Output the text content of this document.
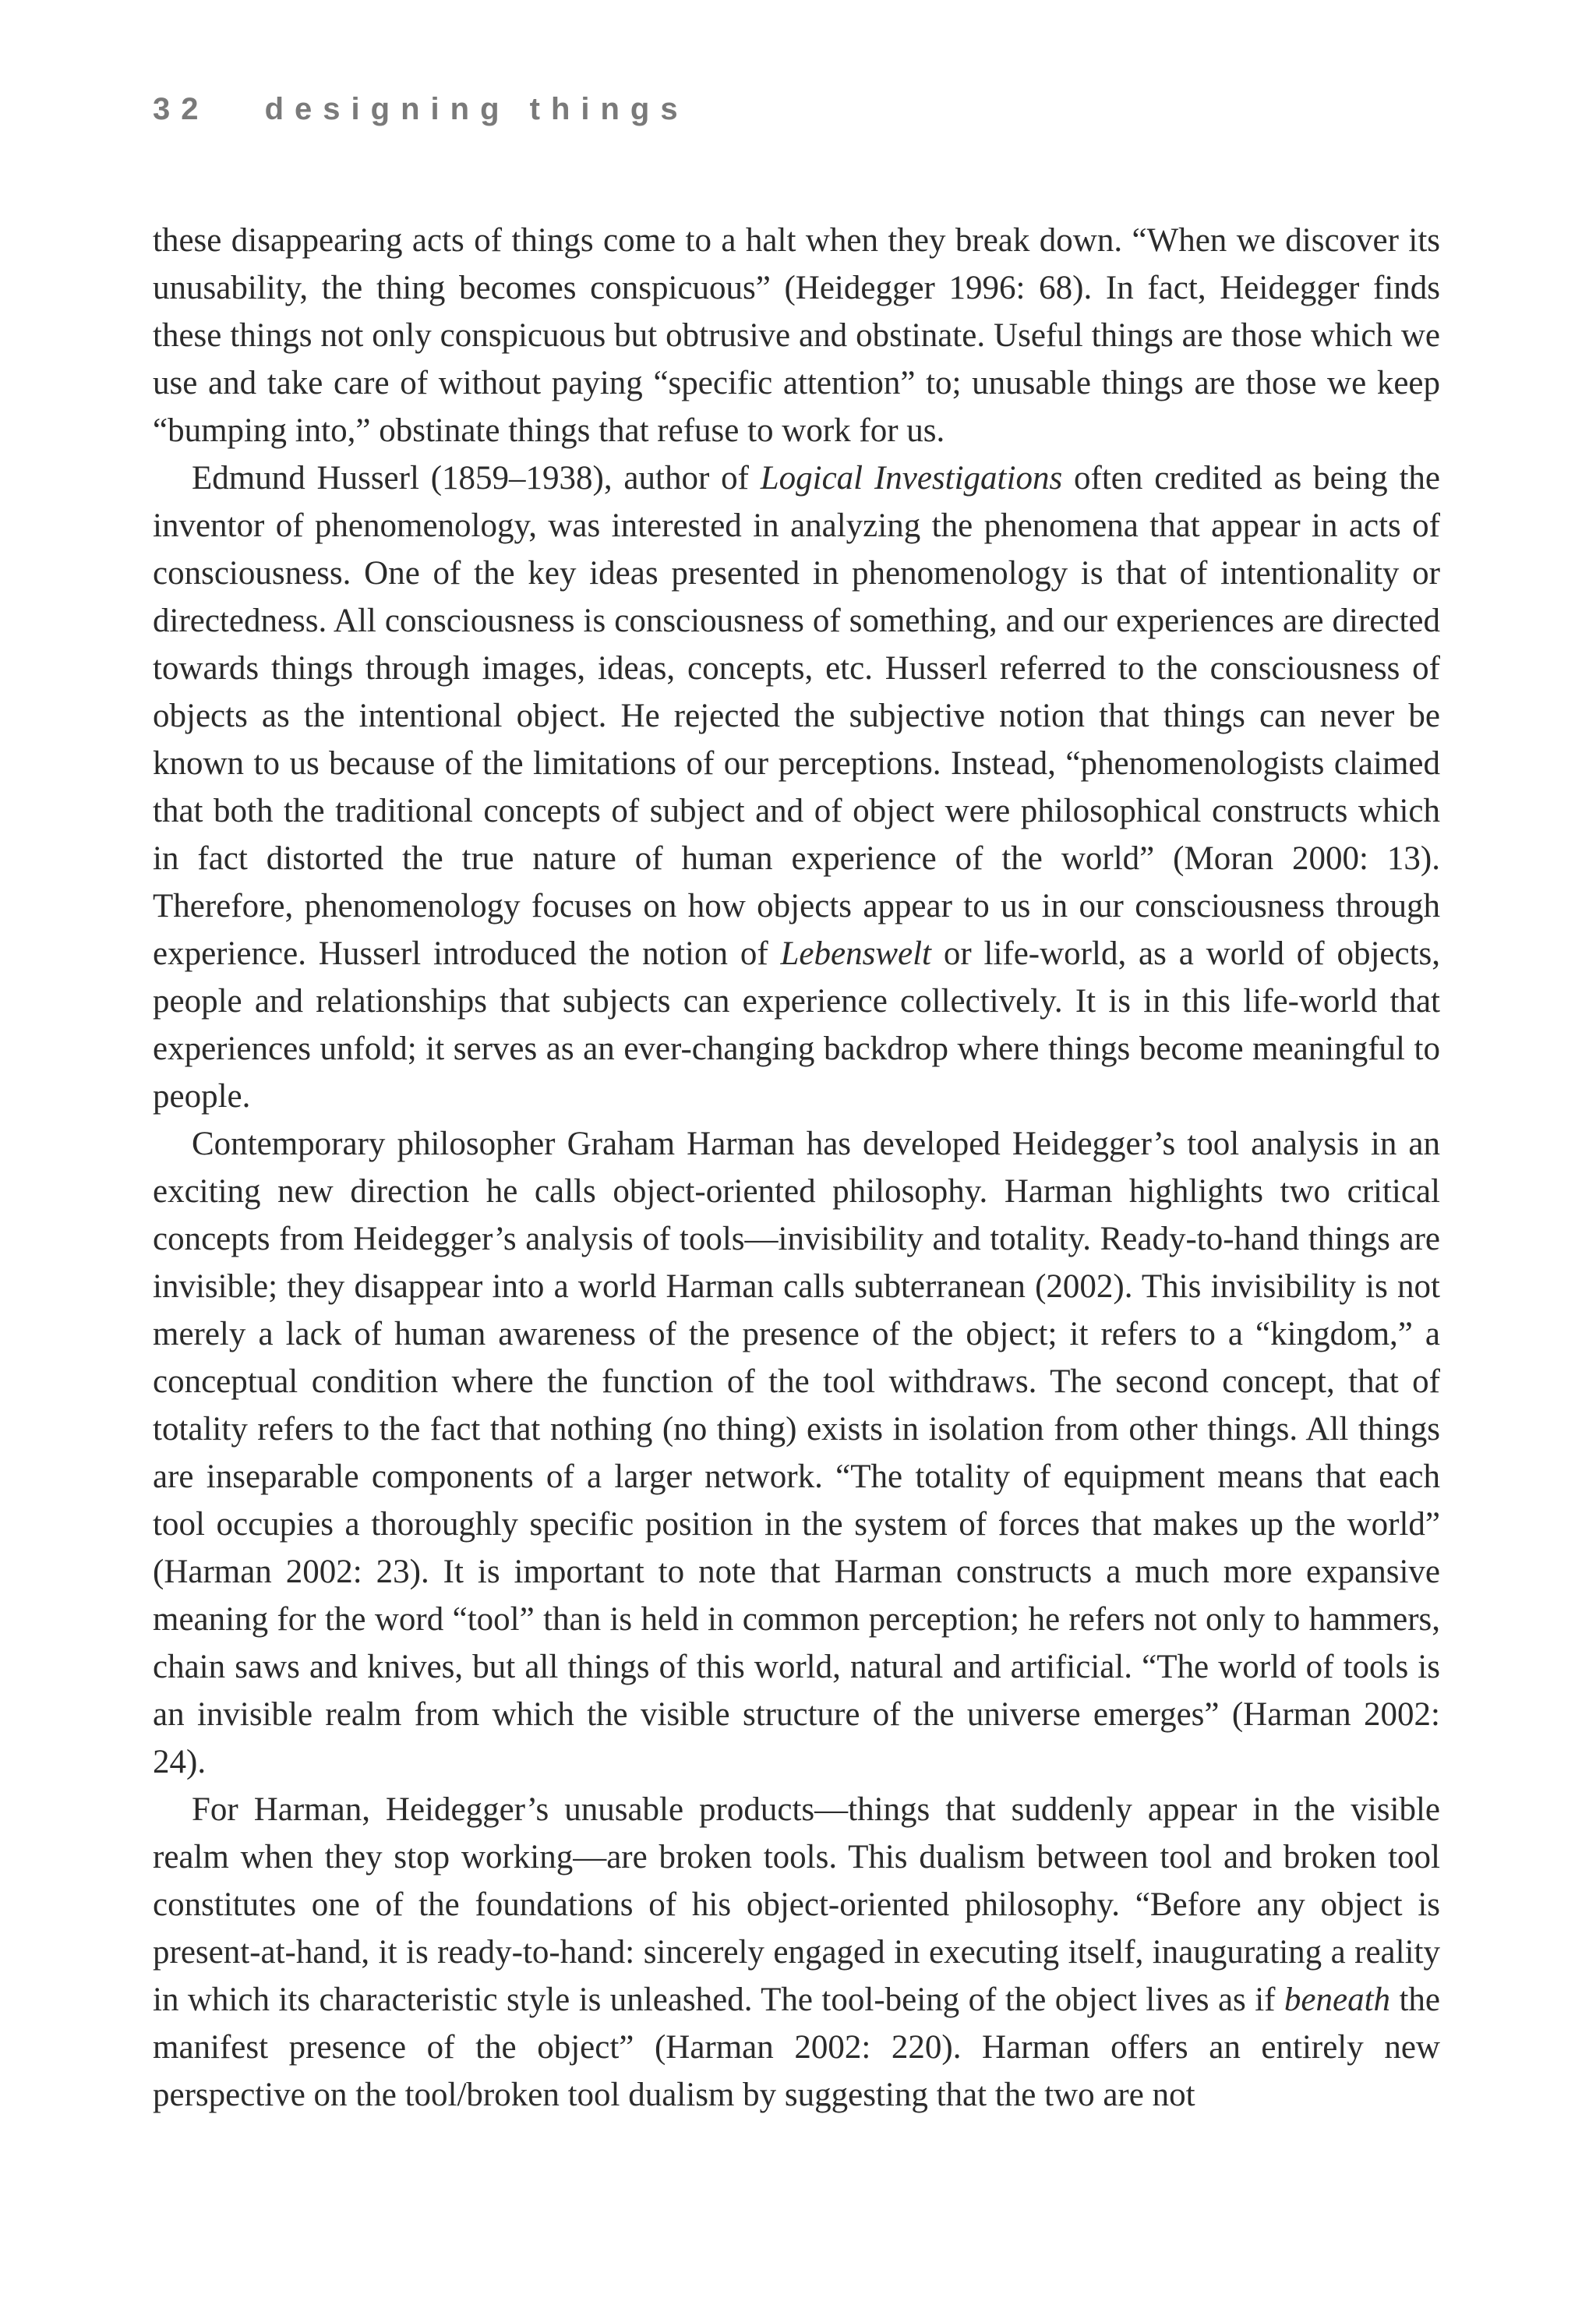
32 designing things

these disappearing acts of things come to a halt when they break down. “When we discover its unusability, the thing becomes conspicuous” (Heidegger 1996: 68). In fact, Heidegger finds these things not only conspicuous but obtrusive and obstinate. Useful things are those which we use and take care of without paying “specific attention” to; unusable things are those we keep “bumping into,” obstinate things that refuse to work for us.

Edmund Husserl (1859–1938), author of Logical Investigations often credited as being the inventor of phenomenology, was interested in analyzing the phenomena that appear in acts of consciousness. One of the key ideas presented in phenomenology is that of intentionality or directedness. All consciousness is consciousness of something, and our experiences are directed towards things through images, ideas, concepts, etc. Husserl referred to the consciousness of objects as the intentional object. He rejected the subjective notion that things can never be known to us because of the limitations of our perceptions. Instead, “phenomenologists claimed that both the traditional concepts of subject and of object were philosophical constructs which in fact distorted the true nature of human experience of the world” (Moran 2000: 13). Therefore, phenomenology focuses on how objects appear to us in our consciousness through experience. Husserl introduced the notion of Lebenswelt or life-world, as a world of objects, people and relationships that subjects can experience collectively. It is in this life-world that experiences unfold; it serves as an ever-changing backdrop where things become meaningful to people.

Contemporary philosopher Graham Harman has developed Heidegger’s tool analysis in an exciting new direction he calls object-oriented philosophy. Harman highlights two critical concepts from Heidegger’s analysis of tools—invisibility and totality. Ready-to-hand things are invisible; they disappear into a world Harman calls subterranean (2002). This invisibility is not merely a lack of human awareness of the presence of the object; it refers to a “kingdom,” a conceptual condition where the function of the tool withdraws. The second concept, that of totality refers to the fact that nothing (no thing) exists in isolation from other things. All things are inseparable components of a larger network. “The totality of equipment means that each tool occupies a thoroughly specific position in the system of forces that makes up the world” (Harman 2002: 23). It is important to note that Harman constructs a much more expansive meaning for the word “tool” than is held in common perception; he refers not only to hammers, chain saws and knives, but all things of this world, natural and artificial. “The world of tools is an invisible realm from which the visible structure of the universe emerges” (Harman 2002: 24).

For Harman, Heidegger’s unusable products—things that suddenly appear in the visible realm when they stop working—are broken tools. This dualism between tool and broken tool constitutes one of the foundations of his object-oriented philosophy. “Before any object is present-at-hand, it is ready-to-hand: sincerely engaged in executing itself, inaugurating a reality in which its characteristic style is unleashed. The tool-being of the object lives as if beneath the manifest presence of the object” (Harman 2002: 220). Harman offers an entirely new perspective on the tool/broken tool dualism by suggesting that the two are not
